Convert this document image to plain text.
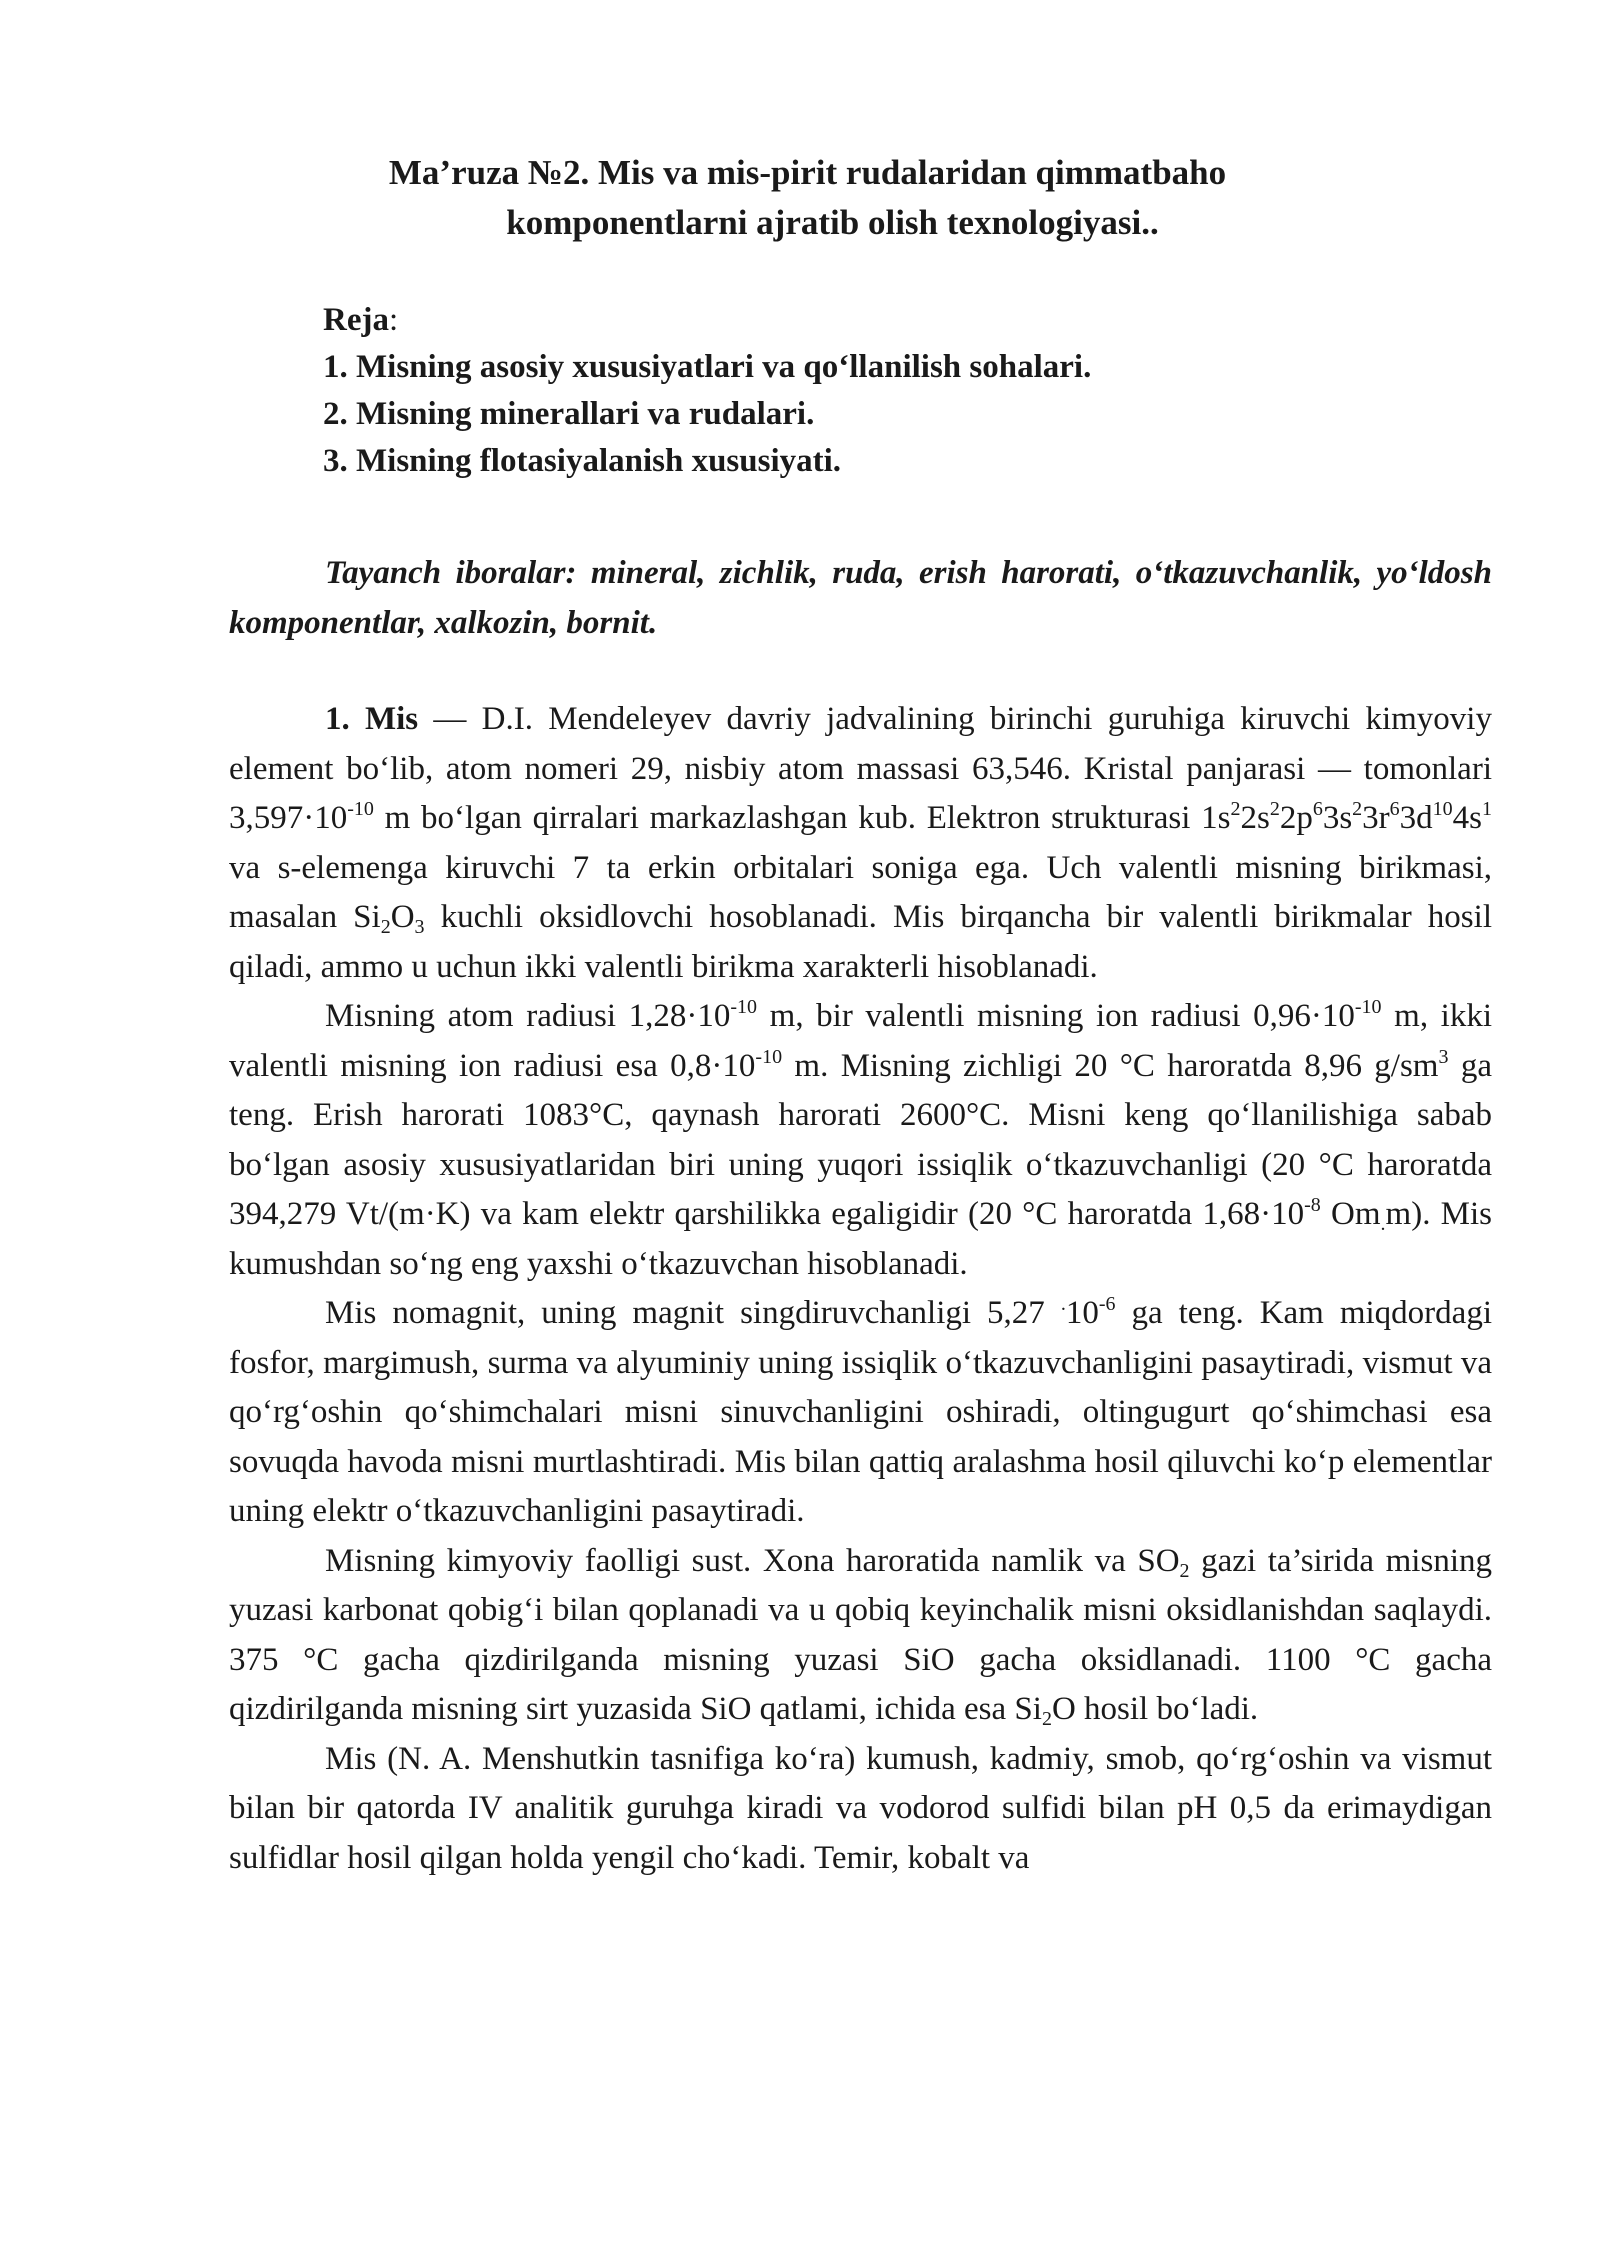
Ma’ruza №2. Mis va mis-pirit rudalaridan qimmatbaho
komponentlarni ajratib olish texnologiyasi..
Reja:
1. Misning asosiy xususiyatlari va qo‘llanilish sohalari.
2. Misning minerallari va rudalari.
3. Misning flotasiyalanish xususiyati.
Tayanch iboralar: mineral, zichlik, ruda, erish harorati, o‘tkazuvchanlik, yo‘ldosh komponentlar, xalkozin, bornit.

1. Mis — D.I. Mendeleyev davriy jadvalining birinchi guruhiga kiruvchi kimyoviy element bo‘lib, atom nomeri 29, nisbiy atom massasi 63,546. Kristal panjarasi — tomonlari $3,597\cdot 10^{-10}$ m bo‘lgan qirralari markazlashgan kub. Elektron strukturasi $1s^22s^22p^63s^23r^63d^{10}4s^1$ va s-elemenga kiruvchi 7 ta erkin orbitalari soniga ega. Uch valentli misning birikmasi, masalan $Si_2O_3$ kuchli oksidlovchi hosoblanadi. Mis birqancha bir valentli birikmalar hosil qiladi, ammo u uchun ikki valentli birikma xarakterli hisoblanadi.

Misning atom radiusi $1,28\cdot 10^{-10}$ m, bir valentli misning ion radiusi $0,96\cdot 10^{-10}$ m, ikki valentli misning ion radiusi esa $0,8\cdot 10^{-10}$ m. Misning zichligi 20 °C haroratda 8,96 $g/sm^3$ ga teng. Erish harorati 1083°C, qaynash harorati 2600°C. Misni keng qo‘llanilishiga sabab bo‘lgan asosiy xususiyatlaridan biri uning yuqori issiqlik o‘tkazuvchanligi (20 °C haroratda 394,279 Vt/(m·K) va kam elektr qarshilikka egaligidir (20 °C haroratda $1,68\cdot 10^{-8}$ $Om_.m$). Mis kumushdan so‘ng eng yaxshi o‘tkazuvchan hisoblanadi.

Mis nomagnit, uning magnit singdiruvchanligi 5,27 $^.10^{-6}$ ga teng. Kam miqdordagi fosfor, margimush, surma va alyuminiy uning issiqlik o‘tkazuvchanligini pasaytiradi, vismut va qo‘rg‘oshin qo‘shimchalari misni sinuvchanligini oshiradi, oltingugurt qo‘shimchasi esa sovuqda havoda misni murtlashtiradi. Mis bilan qattiq aralashma hosil qiluvchi ko‘p elementlar uning elektr o‘tkazuvchanligini pasaytiradi.

Misning kimyoviy faolligi sust. Xona haroratida namlik va $SO_2$ gazi ta’sirida misning yuzasi karbonat qobig‘i bilan qoplanadi va u qobiq keyinchalik misni oksidlanishdan saqlaydi. 375 °C gacha qizdirilganda misning yuzasi SiO gacha oksidlanadi. 1100 °C gacha qizdirilganda misning sirt yuzasida SiO qatlami, ichida esa $Si_2O$ hosil bo‘ladi.

Mis (N. A. Menshutkin tasnifiga ko‘ra) kumush, kadmiy, smob, qo‘rg‘oshin va vismut bilan bir qatorda IV analitik guruhga kiradi va vodorod sulfidi bilan pH 0,5 da erimaydigan sulfidlar hosil qilgan holda yengil cho‘kadi. Temir, kobalt va
